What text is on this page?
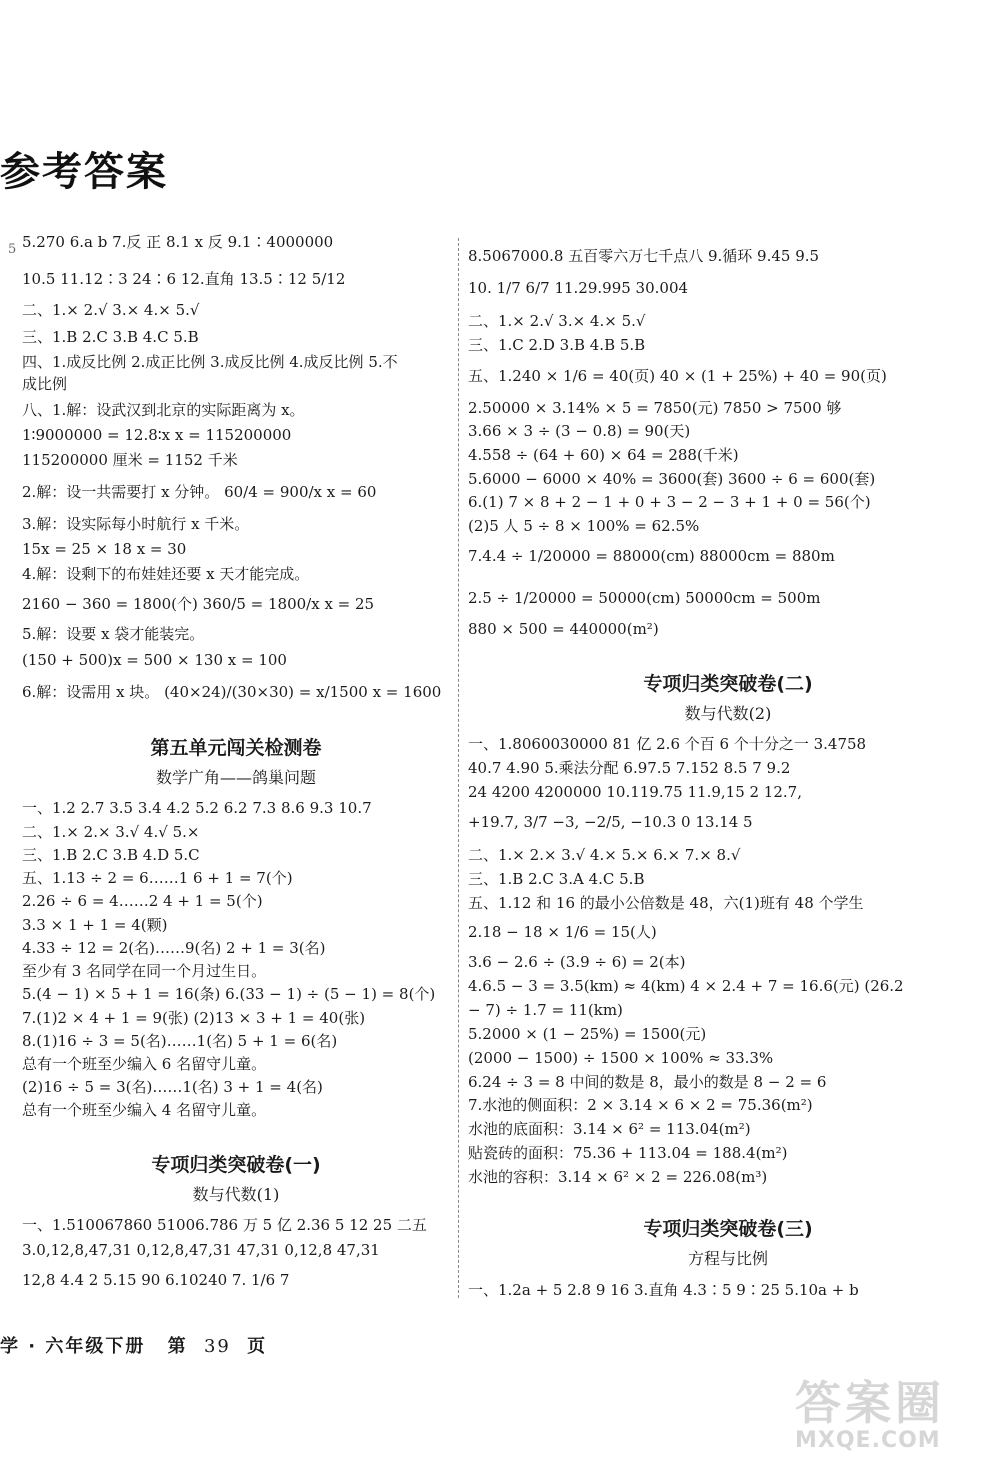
参考答案
5 5.270 6.a b 7.反 正 8.1 x 反 9.1∶4000000
10.5 11.12∶3 24∶6 12.直角 13.5∶12 5/12
二、1.× 2.√ 3.× 4.× 5.√
三、1.B 2.C 3.B 4.C 5.B
四、1.成反比例 2.成正比例 3.成反比例 4.成反比例 5.不
成比例
八、1.解：设武汉到北京的实际距离为 x。
1∶9000000 = 12.8∶x x = 115200000
115200000 厘米 = 1152 千米
2.解：设一共需要打 x 分钟。 60/4 = 900/x x = 60
3.解：设实际每小时航行 x 千米。
15x = 25 × 18 x = 30
4.解：设剩下的布娃娃还要 x 天才能完成。
2160 − 360 = 1800(个) 360/5 = 1800/x x = 25
5.解：设要 x 袋才能装完。
(150 + 500)x = 500 × 130 x = 100
6.解：设需用 x 块。 (40×24)/(30×30) = x/1500 x = 1600
第五单元闯关检测卷
数学广角——鸽巢问题
一、1.2 2.7 3.5 3.4 4.2 5.2 6.2 7.3 8.6 9.3 10.7
二、1.× 2.× 3.√ 4.√ 5.×
三、1.B 2.C 3.B 4.D 5.C
五、1.13 ÷ 2 = 6……1 6 + 1 = 7(个)
2.26 ÷ 6 = 4……2 4 + 1 = 5(个)
3.3 × 1 + 1 = 4(颗)
4.33 ÷ 12 = 2(名)……9(名) 2 + 1 = 3(名)
至少有 3 名同学在同一个月过生日。
5.(4 − 1) × 5 + 1 = 16(条) 6.(33 − 1) ÷ (5 − 1) = 8(个)
7.(1)2 × 4 + 1 = 9(张) (2)13 × 3 + 1 = 40(张)
8.(1)16 ÷ 3 = 5(名)……1(名) 5 + 1 = 6(名)
总有一个班至少编入 6 名留守儿童。
(2)16 ÷ 5 = 3(名)……1(名) 3 + 1 = 4(名)
总有一个班至少编入 4 名留守儿童。
专项归类突破卷(一)
数与代数(1)
一、1.510067860 51006.786 万 5 亿 2.36 5 12 25 二五
3.0,12,8,47,31 0,12,8,47,31 47,31 0,12,8 47,31
12,8 4.4 2 5.15 90 6.10240 7. 1/6 7
8.5067000.8 五百零六万七千点八 9.循环 9.45 9.5
10. 1/7 6/7 11.29.995 30.004
二、1.× 2.√ 3.× 4.× 5.√
三、1.C 2.D 3.B 4.B 5.B
五、1.240 × 1/6 = 40(页) 40 × (1 + 25%) + 40 = 90(页)
2.50000 × 3.14% × 5 = 7850(元) 7850 > 7500 够
3.66 × 3 ÷ (3 − 0.8) = 90(天)
4.558 ÷ (64 + 60) × 64 = 288(千米)
5.6000 − 6000 × 40% = 3600(套) 3600 ÷ 6 = 600(套)
6.(1) 7 × 8 + 2 − 1 + 0 + 3 − 2 − 3 + 1 + 0 = 56(个)
(2)5 人 5 ÷ 8 × 100% = 62.5%
7.4.4 ÷ 1/20000 = 88000(cm) 88000cm = 880m
2.5 ÷ 1/20000 = 50000(cm) 50000cm = 500m
880 × 500 = 440000(m²)
专项归类突破卷(二)
数与代数(2)
一、1.8060030000 81 亿 2.6 个百 6 个十分之一 3.4758
40.7 4.90 5.乘法分配 6.97.5 7.152 8.5 7 9.2
24 4200 4200000 10.119.75 11.9,15 2 12.7,
+19.7, 3/7 −3, −2/5, −10.3 0 13.14 5
二、1.× 2.× 3.√ 4.× 5.× 6.× 7.× 8.√
三、1.B 2.C 3.A 4.C 5.B
五、1.12 和 16 的最小公倍数是 48，六(1)班有 48 个学生
2.18 − 18 × 1/6 = 15(人)
3.6 − 2.6 ÷ (3.9 ÷ 6) = 2(本)
4.6.5 − 3 = 3.5(km) ≈ 4(km) 4 × 2.4 + 7 = 16.6(元) (26.2
− 7) ÷ 1.7 = 11(km)
5.2000 × (1 − 25%) = 1500(元)
(2000 − 1500) ÷ 1500 × 100% ≈ 33.3%
6.24 ÷ 3 = 8 中间的数是 8，最小的数是 8 − 2 = 6
7.水池的侧面积：2 × 3.14 × 6 × 2 = 75.36(m²)
水池的底面积：3.14 × 6² = 113.04(m²)
贴瓷砖的面积：75.36 + 113.04 = 188.4(m²)
水池的容积：3.14 × 6² × 2 = 226.08(m³)
专项归类突破卷(三)
方程与比例
一、1.2a + 5 2.8 9 16 3.直角 4.3∶5 9∶25 5.10a + b
学 · 六年级下册 第 39 页
答案圈
MXQE.COM
